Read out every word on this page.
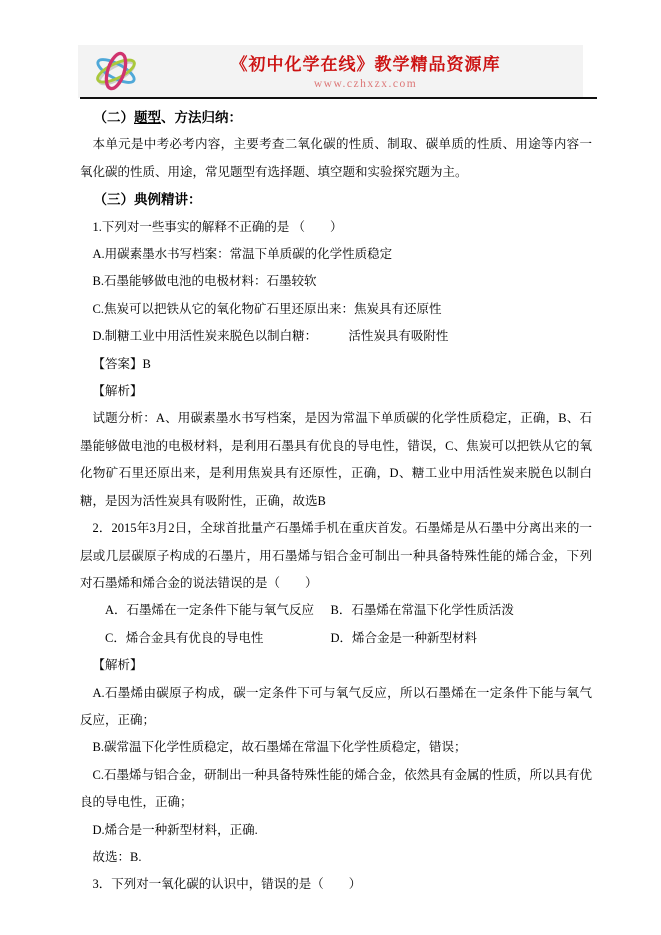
《初中化学在线》教学精品资源库
www.czhxzx.com

（二）题型、方法归纳：

本单元是中考必考内容，主要考查二氧化碳的性质、制取、碳单质的性质、用途等内容一氧化碳的性质、用途，常见题型有选择题、填空题和实验探究题为主。

（三）典例精讲：

1.下列对一些事实的解释不正确的是 （　　）

A.用碳素墨水书写档案：常温下单质碳的化学性质稳定

B.石墨能够做电池的电极材料：石墨较软

C.焦炭可以把铁从它的氧化物矿石里还原出来：焦炭具有还原性

D.制糖工业中用活性炭来脱色以制白糖：　　　活性炭具有吸附性

【答案】B

【解析】

试题分析：A、用碳素墨水书写档案，是因为常温下单质碳的化学性质稳定，正确，B、石墨能够做电池的电极材料，是利用石墨具有优良的导电性，错误，C、焦炭可以把铁从它的氧化物矿石里还原出来，是利用焦炭具有还原性，正确，D、糖工业中用活性炭来脱色以制白糖，是因为活性炭具有吸附性，正确，故选B

2．2015年3月2日，全球首批量产石墨烯手机在重庆首发。石墨烯是从石墨中分离出来的一层或几层碳原子构成的石墨片，用石墨烯与铝合金可制出一种具备特殊性能的烯合金，下列对石墨烯和烯合金的说法错误的是（　　）

A．石墨烯在一定条件下能与氧气反应 B．石墨烯在常温下化学性质活泼

C．烯合金具有优良的导电性	D．烯合金是一种新型材料

【解析】

A.石墨烯由碳原子构成，碳一定条件下可与氧气反应，所以石墨烯在一定条件下能与氧气反应，正确；

B.碳常温下化学性质稳定，故石墨烯在常温下化学性质稳定，错误；

C.石墨烯与铝合金，研制出一种具备特殊性能的烯合金，依然具有金属的性质，所以具有优良的导电性，正确；

D.烯合是一种新型材料，正确.

故选：B.

3．下列对一氧化碳的认识中，错误的是（　　）
